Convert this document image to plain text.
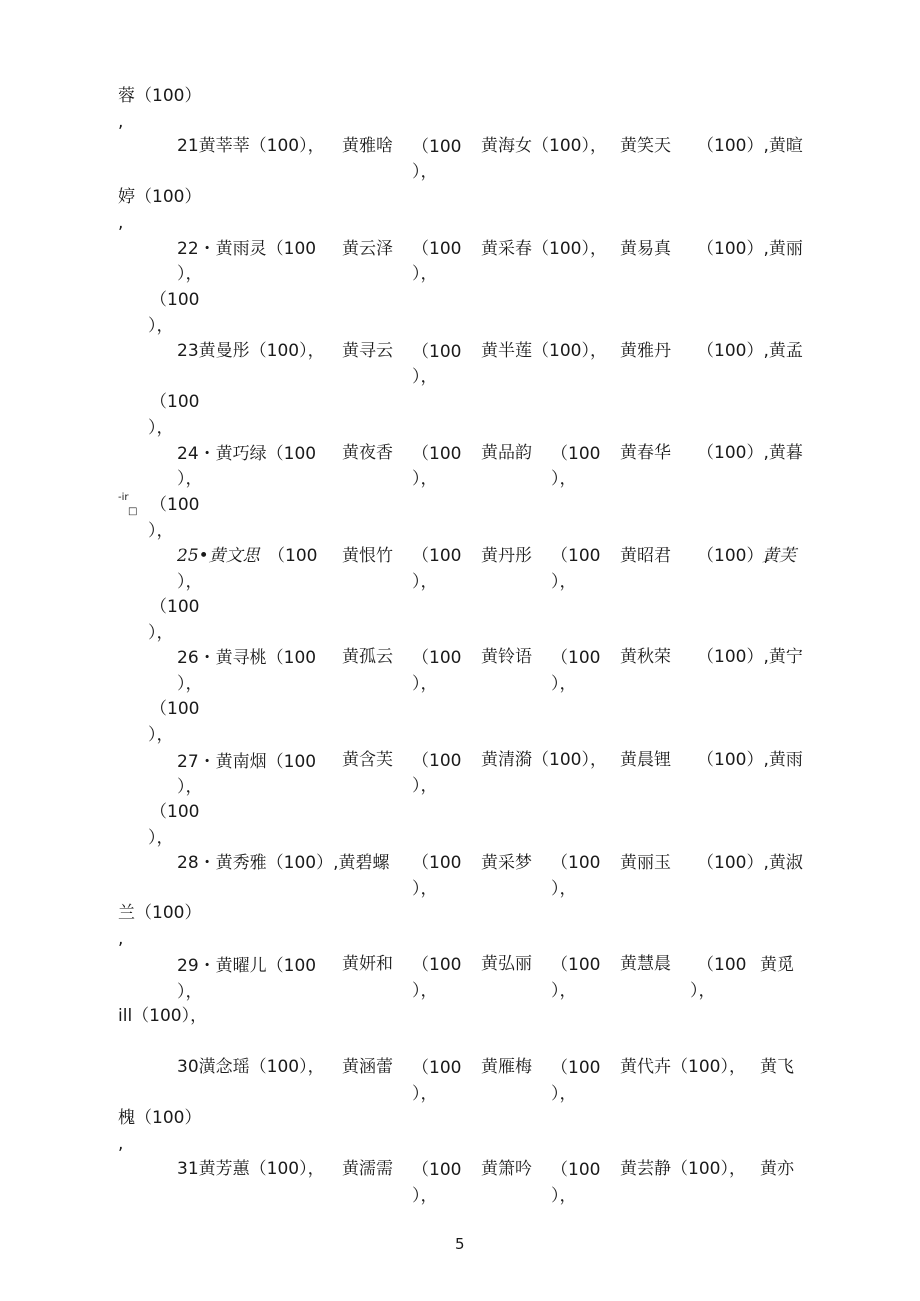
蓉（100）
,
21黄莘莘（100）， 黄雅啥 （100
），
黄海女（100）， 黄笑天 （100）,黄暄
婷（100）
,
22・黄雨灵（100
），
黄云泽 （100
），
黄采春（100）， 黄易真 （100）,黄丽
（100
），
23黄曼彤（100）， 黄寻云 （100
），
黄半莲（100）， 黄雅丹 （100）,黄孟
（100
），
24・黄巧绿（100
），
黄夜香 （100
），
黄品韵 （100
），
黄春华 （100）,黄暮
-ir
□ （100
），
25•黄文思 （100
），
黄恨竹 （100
），
黄丹彤 （100
），
黄昭君 （100）,
黄芙
（100
），
26・黄寻桃（100
），
黄孤云 （100
），
黄铃语 （100
），
黄秋荣 （100）,黄宁
（100
），
27・黄南烟（100
），
黄含芙 （100
），
黄清漪（100）， 黄晨锂 （100）,黄雨
（100
），
28・黄秀雅（100）,黄碧螺 （100
），
黄采梦 （100
），
黄丽玉 （100）,黄淑
兰（100）
,
29・黄曜儿（100
），
黄妍和 （100
），
黄弘丽 （100
），
黄慧晨 （100
），
黄觅
ill（100），
30潢念瑶（100）， 黄涵蕾 （100
），
黄雁梅 （100
），
黄代卉（100）， 黄飞
槐（100）
,
31黄芳蕙（100）， 黄濡需 （100
），
黄箫吟 （100
），
黄芸静（100）， 黄亦
5
